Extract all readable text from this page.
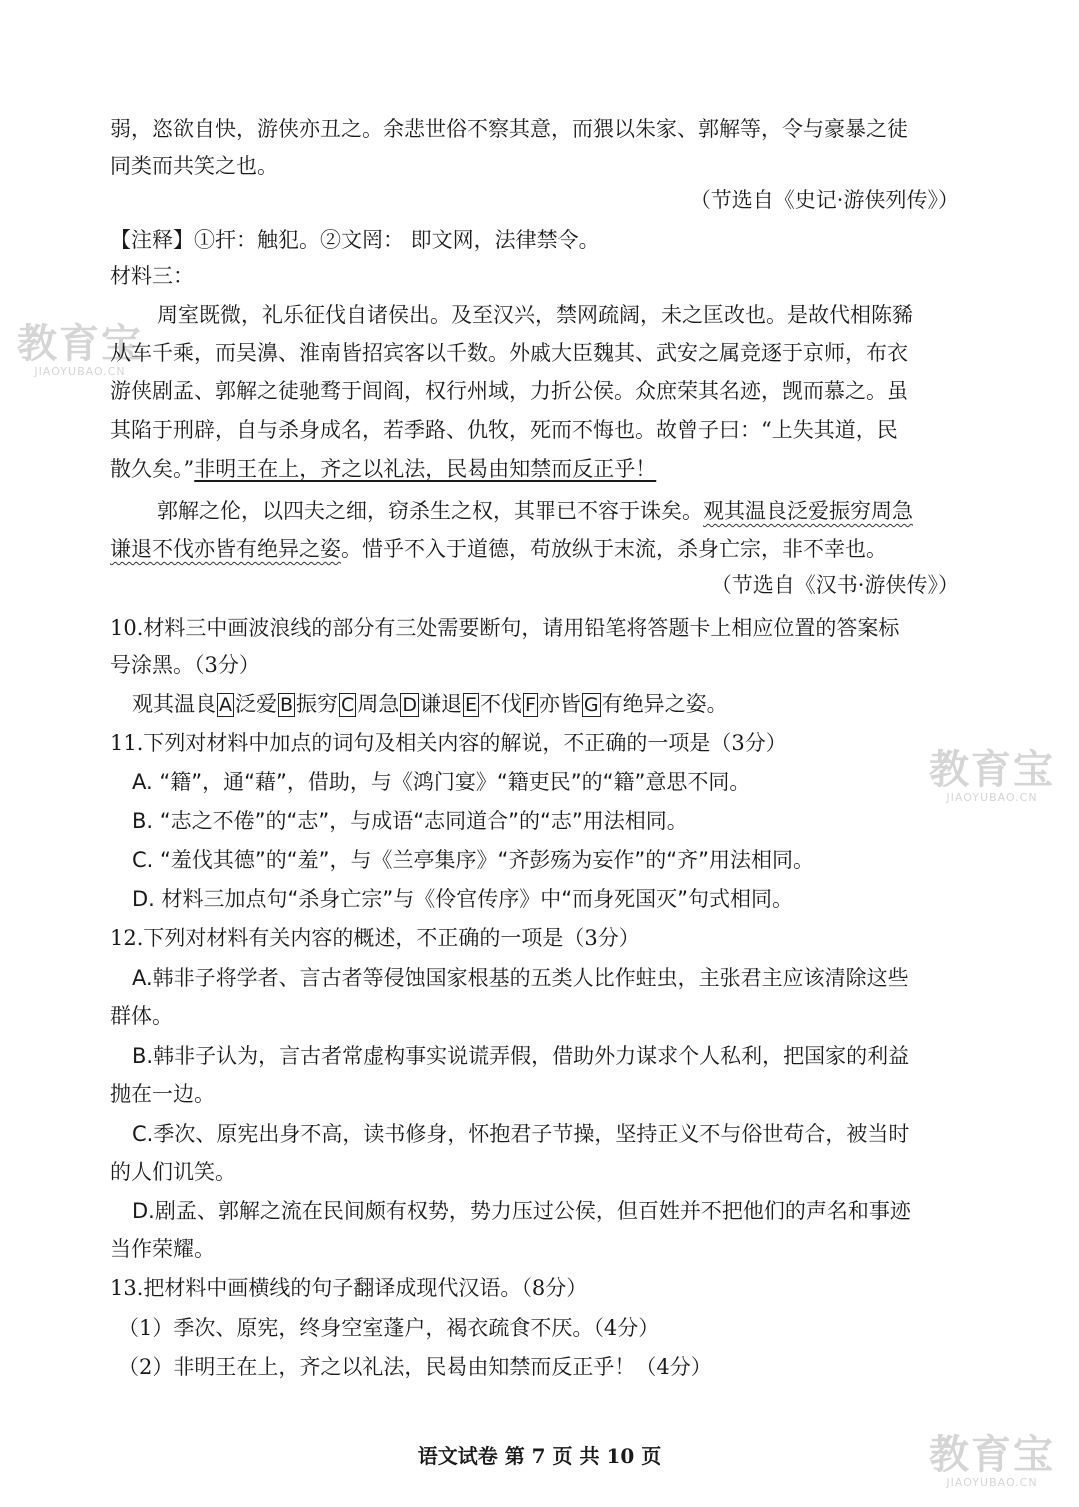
教育宝
JIAOYUBAO.CN
教育宝
JIAOYUBAO.CN
教育宝
JIAOYUBAO.CN
弱，恣欲自快，游侠亦丑之。余悲世俗不察其意，而猥以朱家、郭解等，令与豪暴之徒
同类而共笑之也。
（节选自《史记·游侠列传》）
【注释】①扞：触犯。②文罔： 即文网，法律禁令。
材料三：
周室既微，礼乐征伐自诸侯出。及至汉兴，禁网疏阔，未之匡改也。是故代相陈豨
从车千乘，而吴濞、淮南皆招宾客以千数。外戚大臣魏其、武安之属竞逐于京师，布衣
游侠剧孟、郭解之徒驰骛于闾阎，权行州域，力折公侯。众庶荣其名迹，觊而慕之。虽
其陷于刑辟，自与杀身成名，若季路、仇牧，死而不悔也。故曾子曰：“上失其道，民
散久矣。”非明王在上，齐之以礼法，民曷由知禁而反正乎！
郭解之伦，以四夫之细，窃杀生之权，其罪已不容于诛矣。观其温良泛爱振穷周急
谦退不伐亦皆有绝异之姿。惜乎不入于道德，苟放纵于末流，杀身亡宗，非不幸也。
（节选自《汉书·游侠传》）
10.材料三中画波浪线的部分有三处需要断句，请用铅笔将答题卡上相应位置的答案标
号涂黑。（3分）
观其温良 A 泛爱 B 振穷 C 周急 D 谦退 E 不伐 F 亦皆 G 有绝异之姿。
11.下列对材料中加点的词句及相关内容的解说，不正确的一项是（3分）
A. “籍”，通“藉”，借助，与《鸿门宴》“籍吏民”的“籍”意思不同。
B. “志之不倦”的“志”，与成语“志同道合”的“志”用法相同。
C. “羞伐其德”的“羞”，与《兰亭集序》“齐彭殇为妄作”的“齐”用法相同。
D. 材料三加点句“杀身亡宗”与《伶官传序》中“而身死国灭”句式相同。
12.下列对材料有关内容的概述，不正确的一项是（3分）
A.韩非子将学者、言古者等侵蚀国家根基的五类人比作蛀虫，主张君主应该清除这些
群体。
B.韩非子认为，言古者常虚构事实说谎弄假，借助外力谋求个人私利，把国家的利益
抛在一边。
C.季次、原宪出身不高，读书修身，怀抱君子节操，坚持正义不与俗世苟合，被当时
的人们讥笑。
D.剧孟、郭解之流在民间颇有权势，势力压过公侯，但百姓并不把他们的声名和事迹
当作荣耀。
13.把材料中画横线的句子翻译成现代汉语。（8分）
（1）季次、原宪，终身空室蓬户，褐衣疏食不厌。（4分）
（2）非明王在上，齐之以礼法，民曷由知禁而反正乎！（4分）
语文试卷 第 7 页 共 10 页
